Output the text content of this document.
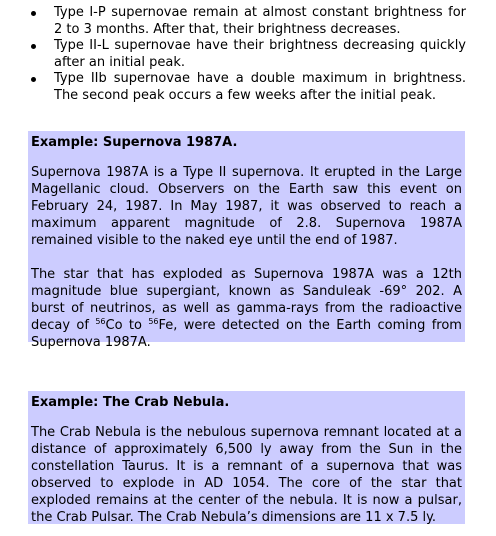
Type I-P supernovae remain at almost constant brightness for 2 to 3 months. After that, their brightness decreases.
Type II-L supernovae have their brightness decreasing quickly after an initial peak.
Type IIb supernovae have a double maximum in brightness. The second peak occurs a few weeks after the initial peak.
Example: Supernova 1987A.

Supernova 1987A is a Type II supernova. It erupted in the Large Magellanic cloud. Observers on the Earth saw this event on February 24, 1987. In May 1987, it was observed to reach a maximum apparent magnitude of 2.8. Supernova 1987A remained visible to the naked eye until the end of 1987.

The star that has exploded as Supernova 1987A was a 12th magnitude blue supergiant, known as Sanduleak -69° 202. A burst of neutrinos, as well as gamma-rays from the radioactive decay of $^{56}$Co to $^{56}$Fe, were detected on the Earth coming from Supernova 1987A.

Example: The Crab Nebula.

The Crab Nebula is the nebulous supernova remnant located at a distance of approximately 6,500 ly away from the Sun in the constellation Taurus. It is a remnant of a supernova that was observed to explode in AD 1054. The core of the star that exploded remains at the center of the nebula. It is now a pulsar, the Crab Pulsar. The Crab Nebula’s dimensions are 11 x 7.5 ly.
